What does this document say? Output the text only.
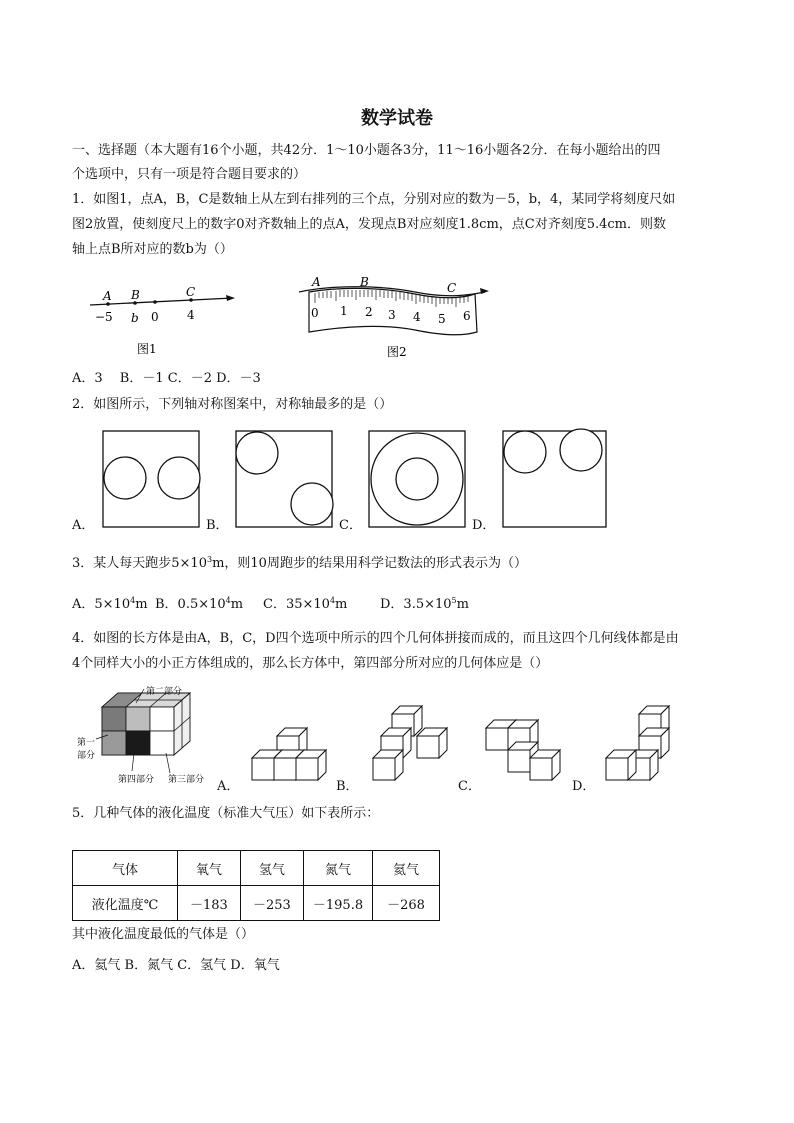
数学试卷
一、选择题（本大题有16个小题，共42分．1～10小题各3分，11～16小题各2分．在每小题给出的四
个选项中，只有一项是符合题目要求的）
1．如图1，点A，B，C是数轴上从左到右排列的三个点，分别对应的数为－5，b，4，某同学将刻度尺如
图2放置，使刻度尺上的数字0对齐数轴上的点A，发现点B对应刻度1.8cm，点C对齐刻度5.4cm．则数
轴上点B所对应的数b为（）
A B	C
−5 b 0 4
图1
0 1 2 3 4 5 6
A	B	C
图2
A．3　 B．－1 C．－2 D．－3
2．如图所示，下列轴对称图案中，对称轴最多的是（）
A．	B．	C．	D．
3．某人每天跑步$5\times 10^3m$，则10周跑步的结果用科学记数法的形式表示为（）
A．$5\times 10^4m$ B．$0.5\times 10^4m$ C．$35\times 10^4m$	D．$3.5\times 10^5m$
4．如图的长方体是由A，B，C，D四个选项中所示的四个几何体拼接而成的，而且这四个几何线体都是由
4个同样大小的小正方体组成的，那么长方体中，第四部分所对应的几何体应是（）
第二部分
第一
部分
第四部分 第三部分 A．	B．	C．	D．
5．几种气体的液化温度（标准大气压）如下表所示：
气体	氧气	氢气	氮气	氦气
液化温度℃	－183	－253	－195.8	－268
其中液化温度最低的气体是（）
A．氦气 B．氮气 C．氢气 D．氧气
